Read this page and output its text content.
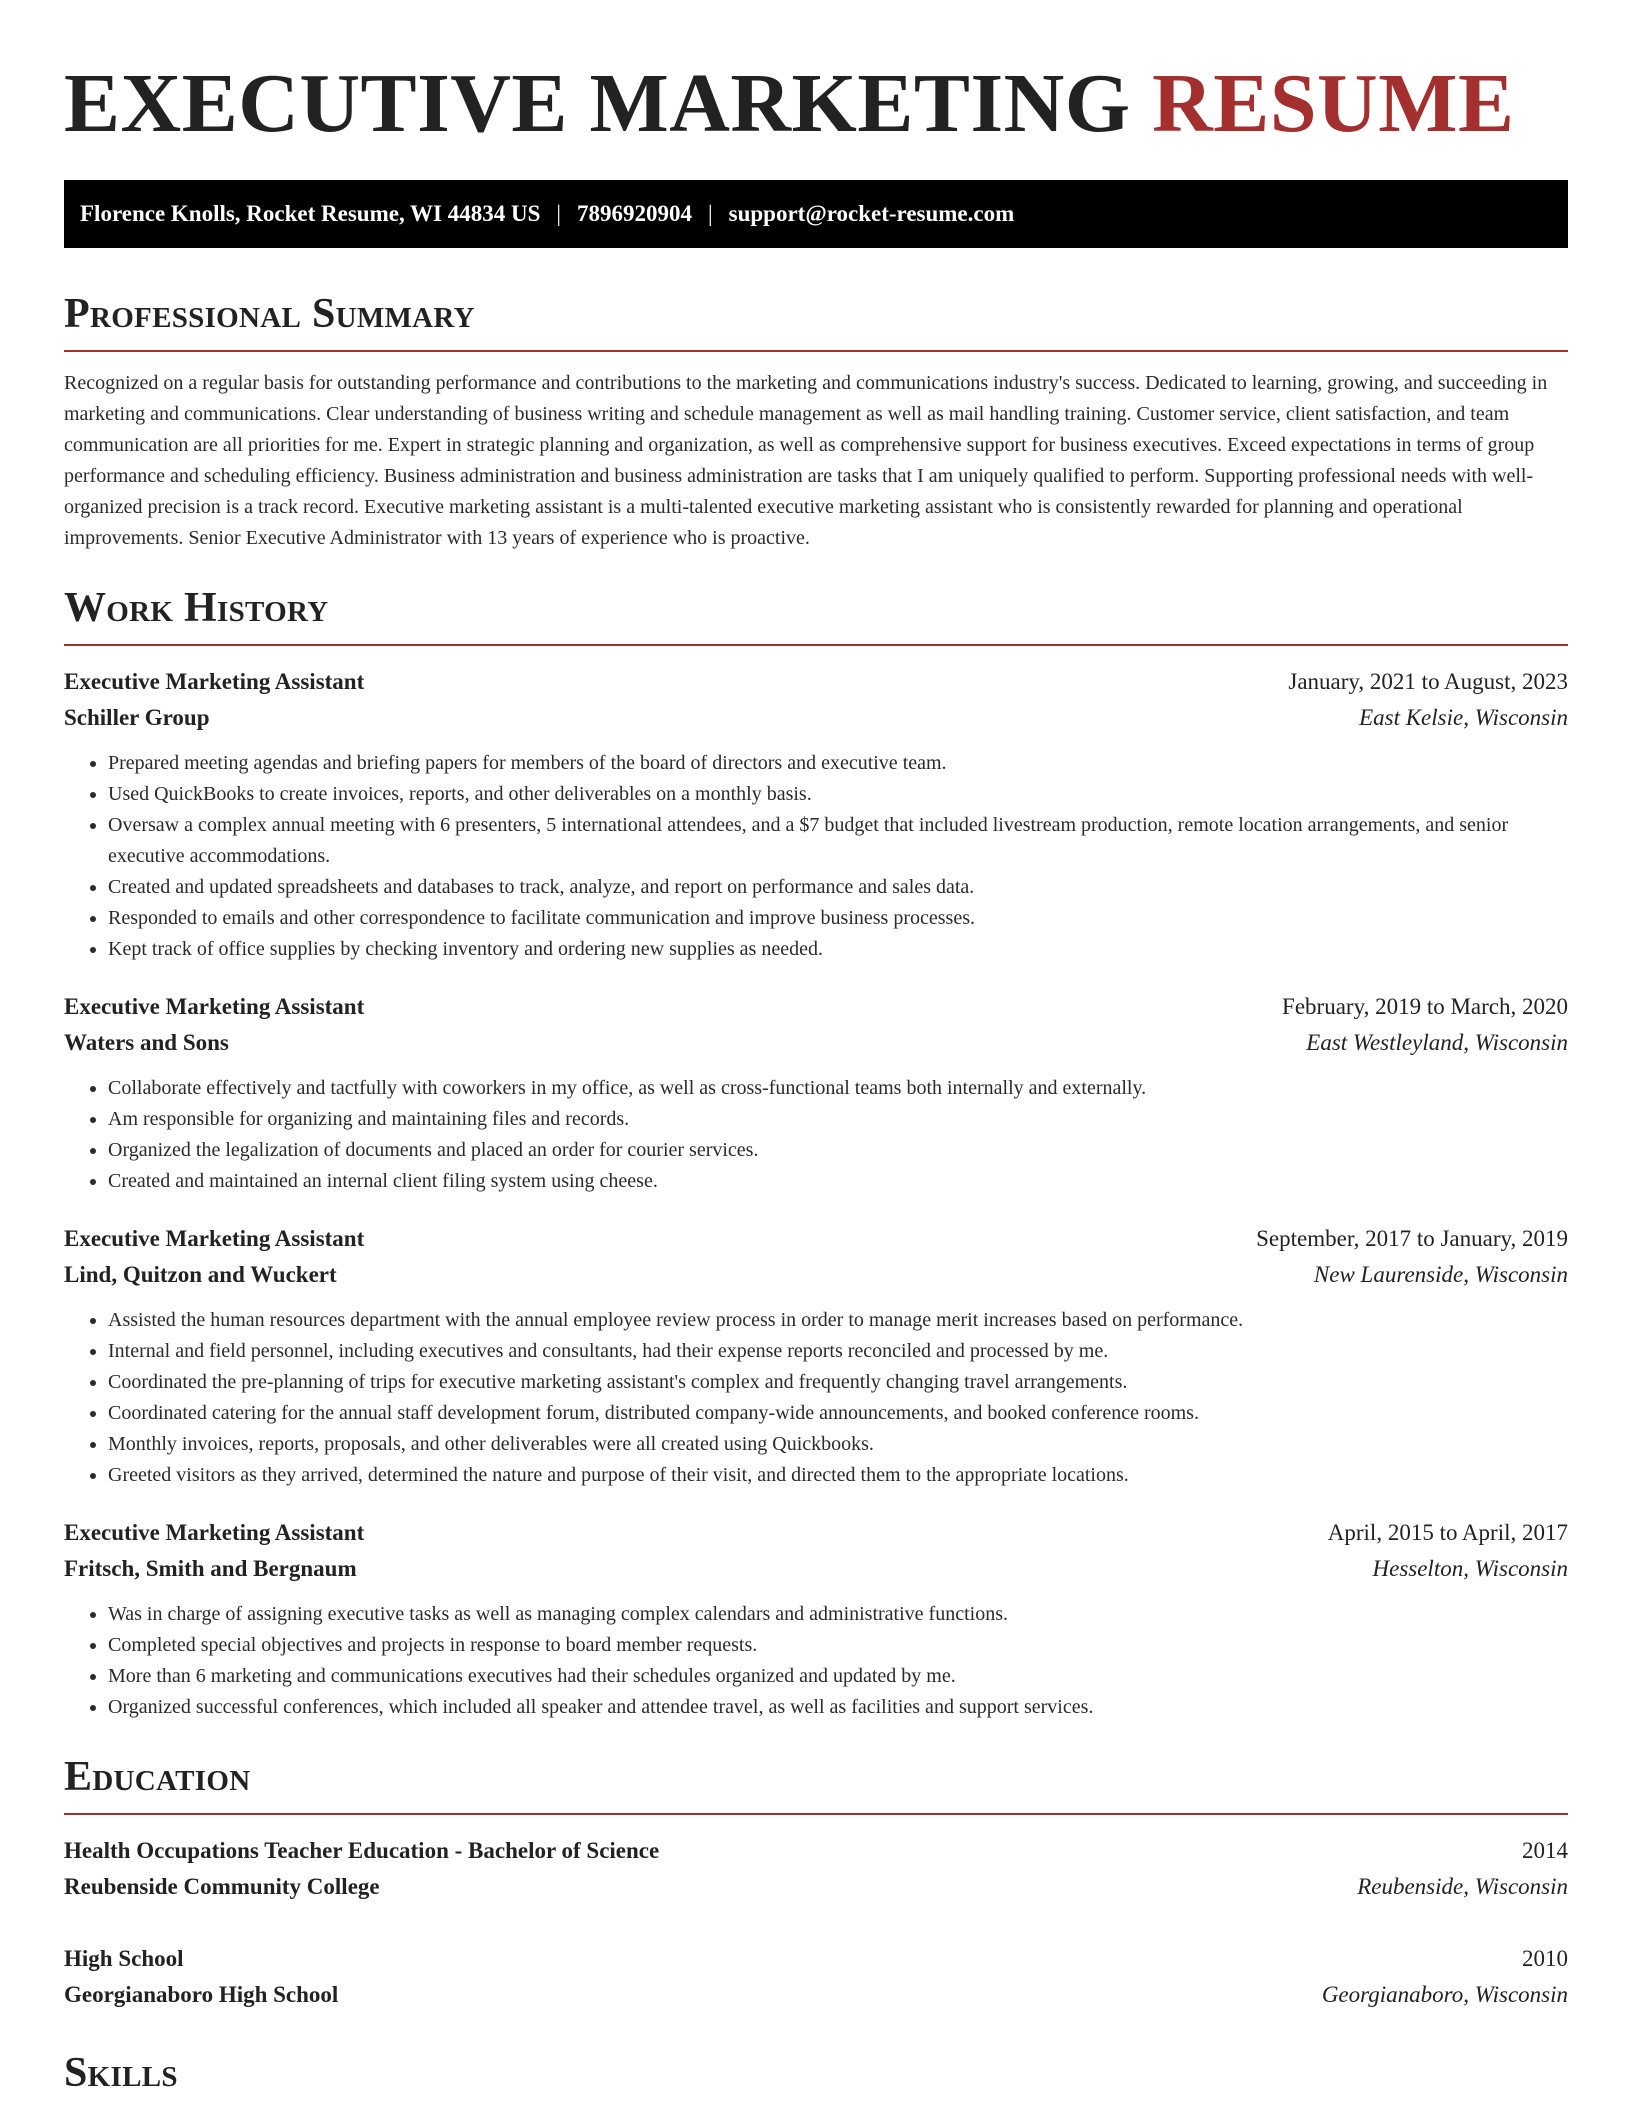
EXECUTIVE MARKETING RESUME
Florence Knolls, Rocket Resume, WI 44834 US | 7896920904 | support@rocket-resume.com
Professional Summary

Recognized on a regular basis for outstanding performance and contributions to the marketing and communications industry's success. Dedicated to learning, growing, and succeeding in marketing and communications. Clear understanding of business writing and schedule management as well as mail handling training. Customer service, client satisfaction, and team communication are all priorities for me. Expert in strategic planning and organization, as well as comprehensive support for business executives. Exceed expectations in terms of group performance and scheduling efficiency. Business administration and business administration are tasks that I am uniquely qualified to perform. Supporting professional needs with well-organized precision is a track record. Executive marketing assistant is a multi-talented executive marketing assistant who is consistently rewarded for planning and operational improvements. Senior Executive Administrator with 13 years of experience who is proactive.

Work History
Executive Marketing Assistant	January, 2021 to August, 2023
Schiller Group	East Kelsie, Wisconsin
• Prepared meeting agendas and briefing papers for members of the board of directors and executive team.
• Used QuickBooks to create invoices, reports, and other deliverables on a monthly basis.
• Oversaw a complex annual meeting with 6 presenters, 5 international attendees, and a $7 budget that included livestream production, remote location arrangements, and senior executive accommodations.
• Created and updated spreadsheets and databases to track, analyze, and report on performance and sales data.
• Responded to emails and other correspondence to facilitate communication and improve business processes.
• Kept track of office supplies by checking inventory and ordering new supplies as needed.
Executive Marketing Assistant	February, 2019 to March, 2020
Waters and Sons	East Westleyland, Wisconsin
• Collaborate effectively and tactfully with coworkers in my office, as well as cross-functional teams both internally and externally.
• Am responsible for organizing and maintaining files and records.
• Organized the legalization of documents and placed an order for courier services.
• Created and maintained an internal client filing system using cheese.
Executive Marketing Assistant	September, 2017 to January, 2019
Lind, Quitzon and Wuckert	New Laurenside, Wisconsin
• Assisted the human resources department with the annual employee review process in order to manage merit increases based on performance.
• Internal and field personnel, including executives and consultants, had their expense reports reconciled and processed by me.
• Coordinated the pre-planning of trips for executive marketing assistant's complex and frequently changing travel arrangements.
• Coordinated catering for the annual staff development forum, distributed company-wide announcements, and booked conference rooms.
• Monthly invoices, reports, proposals, and other deliverables were all created using Quickbooks.
• Greeted visitors as they arrived, determined the nature and purpose of their visit, and directed them to the appropriate locations.
Executive Marketing Assistant	April, 2015 to April, 2017
Fritsch, Smith and Bergnaum	Hesselton, Wisconsin
• Was in charge of assigning executive tasks as well as managing complex calendars and administrative functions.
• Completed special objectives and projects in response to board member requests.
• More than 6 marketing and communications executives had their schedules organized and updated by me.
• Organized successful conferences, which included all speaker and attendee travel, as well as facilities and support services.
Education
Health Occupations Teacher Education - Bachelor of Science	2014
Reubenside Community College	Reubenside, Wisconsin
High School	2010
Georgianaboro High School	Georgianaboro, Wisconsin
Skills
